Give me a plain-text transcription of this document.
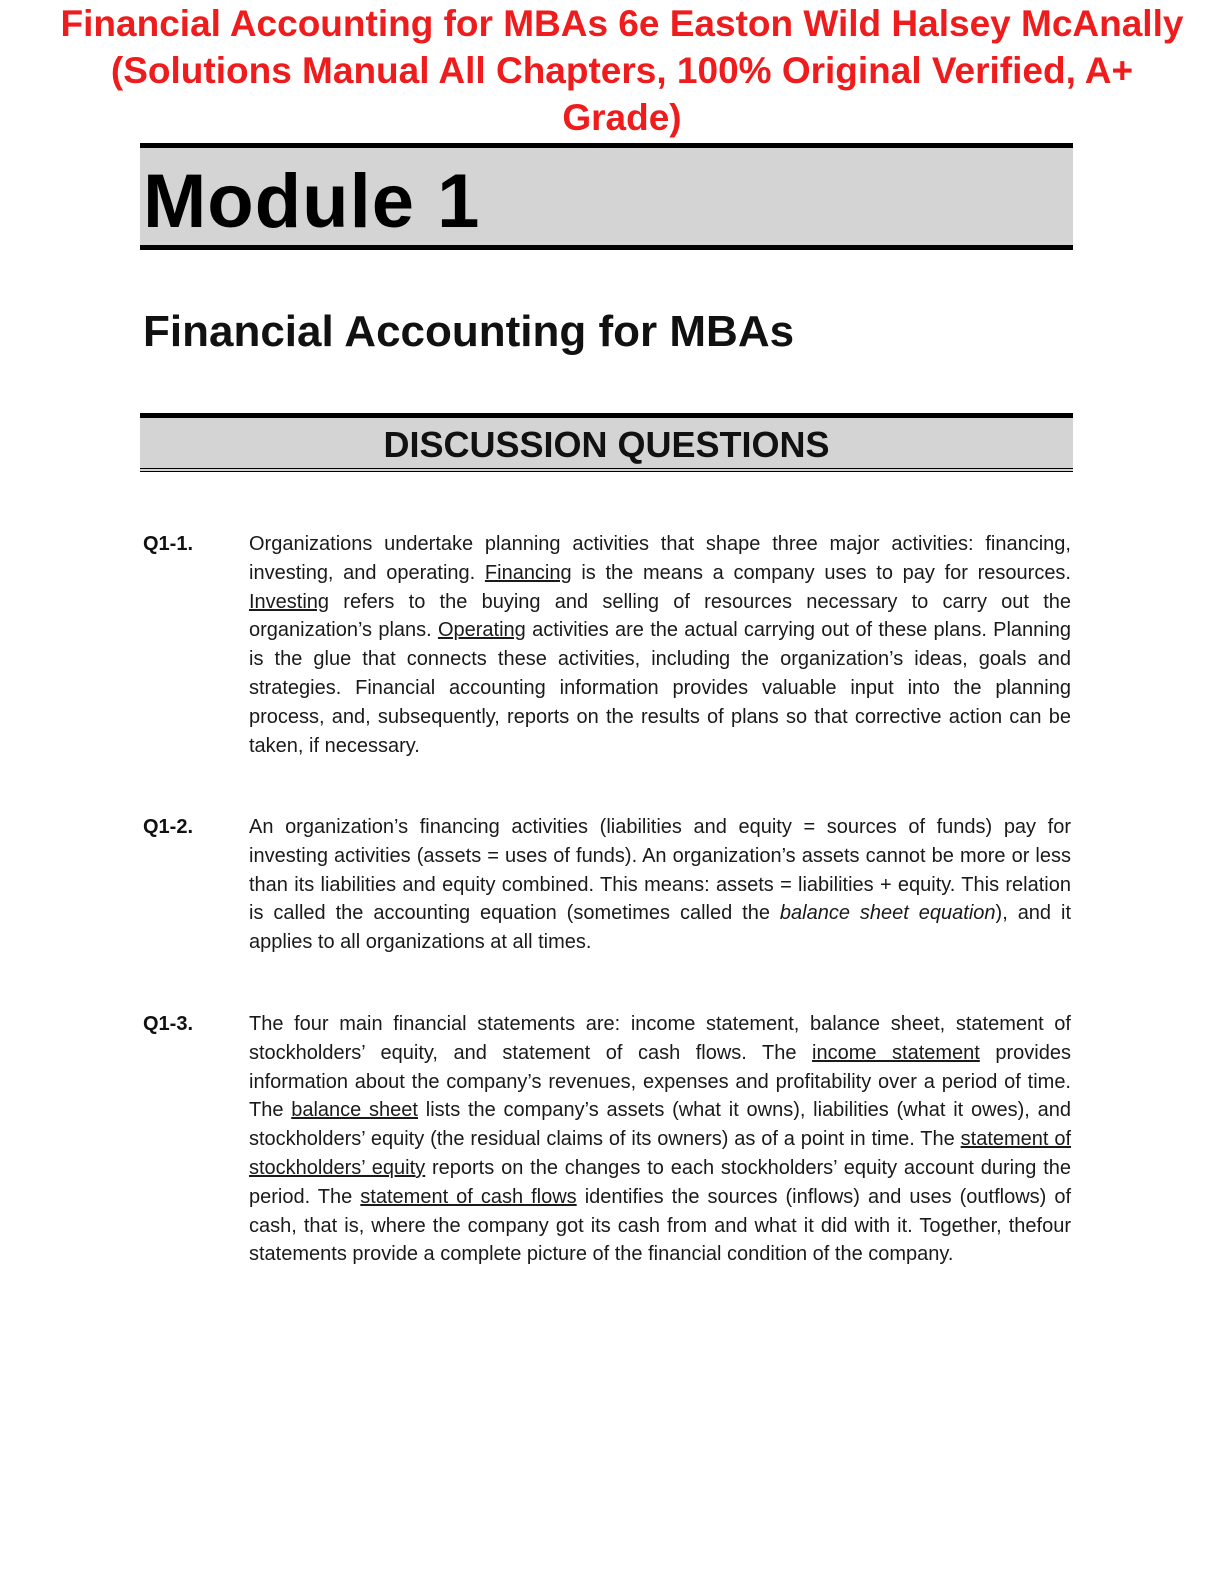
Financial Accounting for MBAs 6e Easton Wild Halsey McAnally (Solutions Manual All Chapters, 100% Original Verified, A+ Grade)
Module 1
Financial Accounting for MBAs
DISCUSSION QUESTIONS
Q1-1.	Organizations undertake planning activities that shape three major activities: financing, investing, and operating. Financing is the means a company uses to pay for resources. Investing refers to the buying and selling of resources necessary to carry out the organization’s plans. Operating activities are the actual carrying out of these plans. Planning is the glue that connects these activities, including the organization’s ideas, goals and strategies. Financial accounting information provides valuable input into the planning process, and, subsequently, reports on the results of plans so that corrective action can be taken, if necessary.
Q1-2.	An organization’s financing activities (liabilities and equity = sources of funds) pay for investing activities (assets = uses of funds). An organization’s assets cannot be more or less than its liabilities and equity combined. This means: assets = liabilities + equity. This relation is called the accounting equation (sometimes called the balance sheet equation), and it applies to all organizations at all times.
Q1-3.	The four main financial statements are: income statement, balance sheet, statement of stockholders’ equity, and statement of cash flows. The income statement provides information about the company’s revenues, expenses and profitability over a period of time. The balance sheet lists the company’s assets (what it owns), liabilities (what it owes), and stockholders’ equity (the residual claims of its owners) as of a point in time. The statement of stockholders’ equity reports on the changes to each stockholders’ equity account during the period. The statement of cash flows identifies the sources (inflows) and uses (outflows) of cash, that is, where the company got its cash from and what it did with it. Together, thefour statements provide a complete picture of the financial condition of the company.
